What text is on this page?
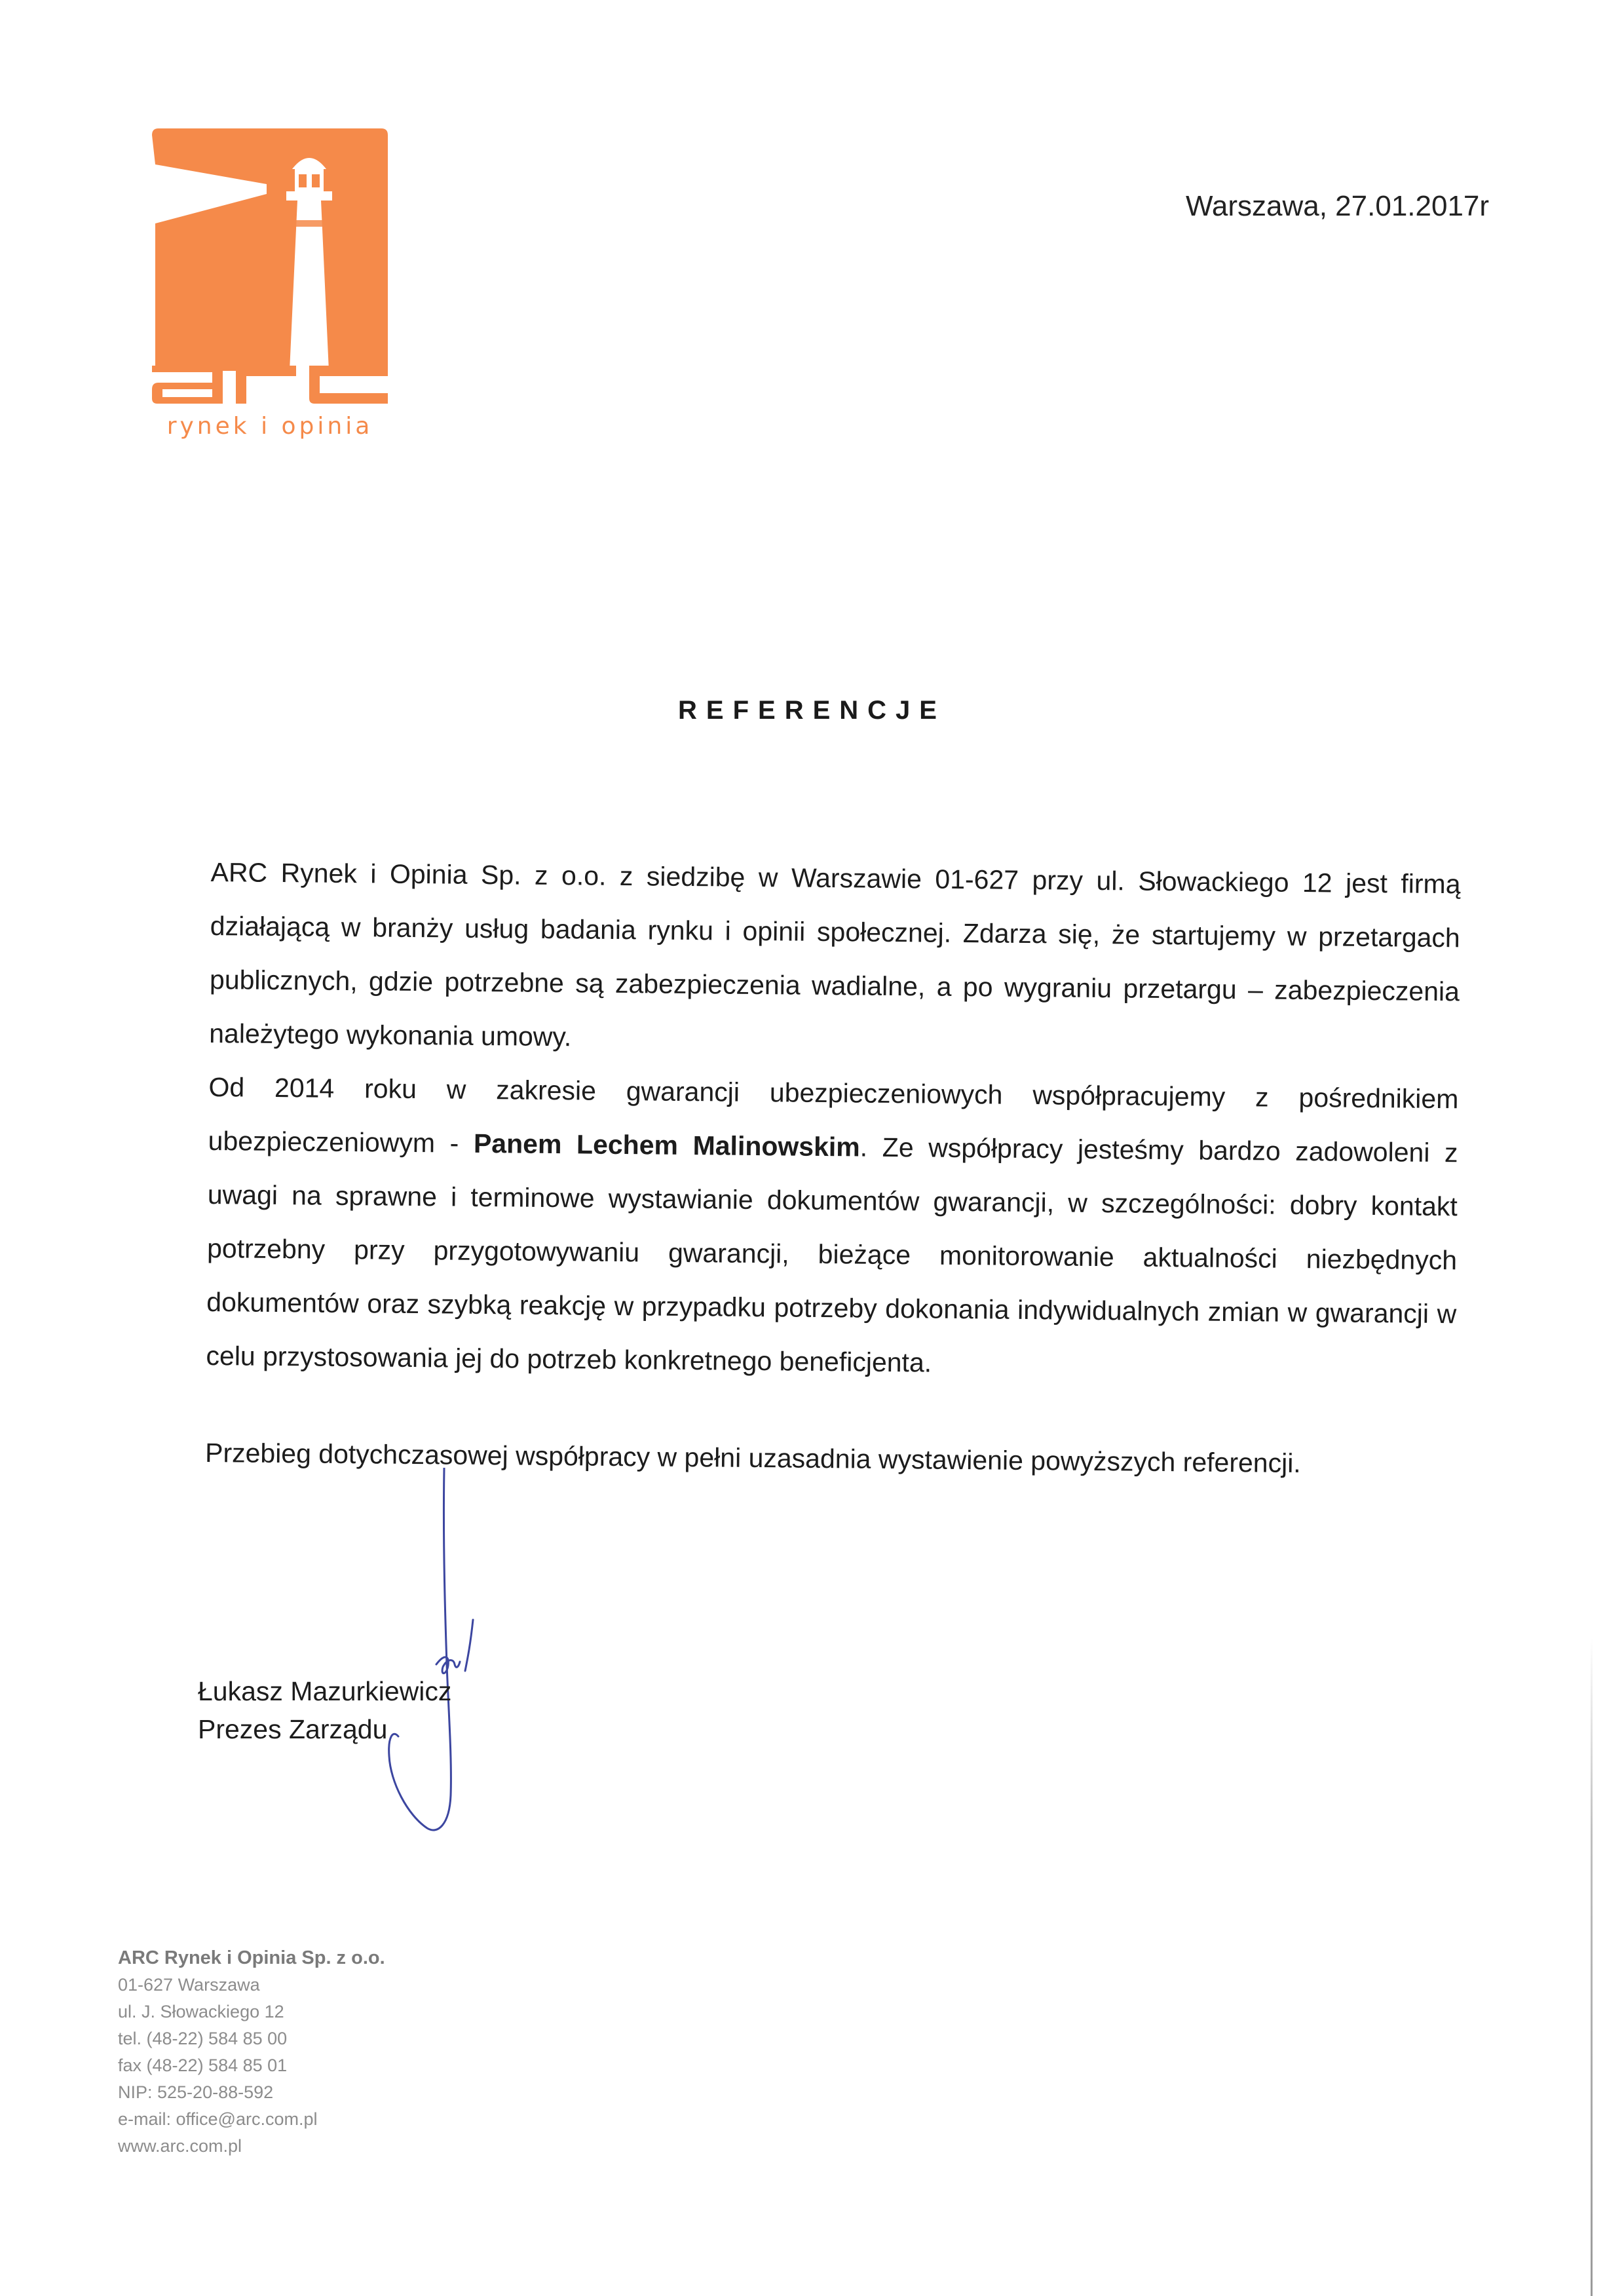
rynek i opinia
Warszawa, 27.01.2017r
REFERENCJE

ARC Rynek i Opinia Sp. z o.o. z siedzibę w Warszawie 01-627 przy ul. Słowackiego 12 jest firmą działającą w branży usług badania rynku i opinii społecznej. Zdarza się, że startujemy w przetargach publicznych, gdzie potrzebne są zabezpieczenia wadialne, a po wygraniu przetargu – zabezpieczenia należytego wykonania umowy.

Od 2014 roku w zakresie gwarancji ubezpieczeniowych współpracujemy z pośrednikiem ubezpieczeniowym - Panem Lechem Malinowskim. Ze współpracy jesteśmy bardzo zadowoleni z uwagi na sprawne i terminowe wystawianie dokumentów gwarancji, w szczególności: dobry kontakt potrzebny przy przygotowywaniu gwarancji, bieżące monitorowanie aktualności niezbędnych dokumentów oraz szybką reakcję w przypadku potrzeby dokonania indywidualnych zmian w gwarancji w celu przystosowania jej do potrzeb konkretnego beneficjenta.

Przebieg dotychczasowej współpracy w pełni uzasadnia wystawienie powyższych referencji.

Łukasz Mazurkiewicz
Prezes Zarządu
ARC Rynek i Opinia Sp. z o.o.
01-627 Warszawa
ul. J. Słowackiego 12
tel. (48-22) 584 85 00
fax (48-22) 584 85 01
NIP: 525-20-88-592
e-mail: office@arc.com.pl
www.arc.com.pl
